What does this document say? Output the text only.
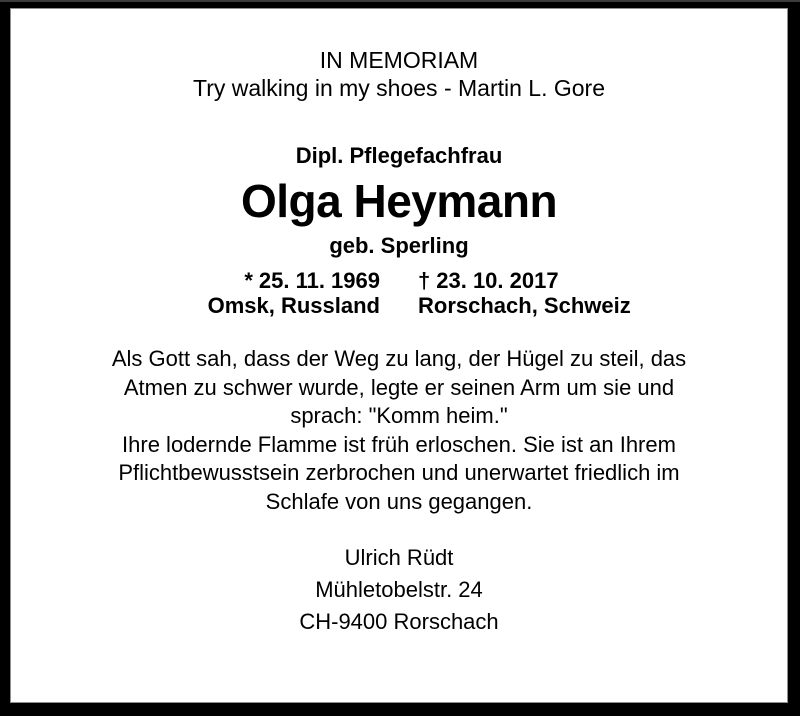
IN MEMORIAM
Try walking in my shoes - Martin L. Gore
Dipl. Pflegefachfrau
Olga Heymann
geb. Sperling
* 25. 11. 1969
Omsk, Russland
† 23. 10. 2017
Rorschach, Schweiz
Als Gott sah, dass der Weg zu lang, der Hügel zu steil, das
Atmen zu schwer wurde, legte er seinen Arm um sie und
sprach: "Komm heim."
Ihre lodernde Flamme ist früh erloschen. Sie ist an Ihrem
Pflichtbewusstsein zerbrochen und unerwartet friedlich im
Schlafe von uns gegangen.
Ulrich Rüdt
Mühletobelstr. 24
CH-9400 Rorschach
